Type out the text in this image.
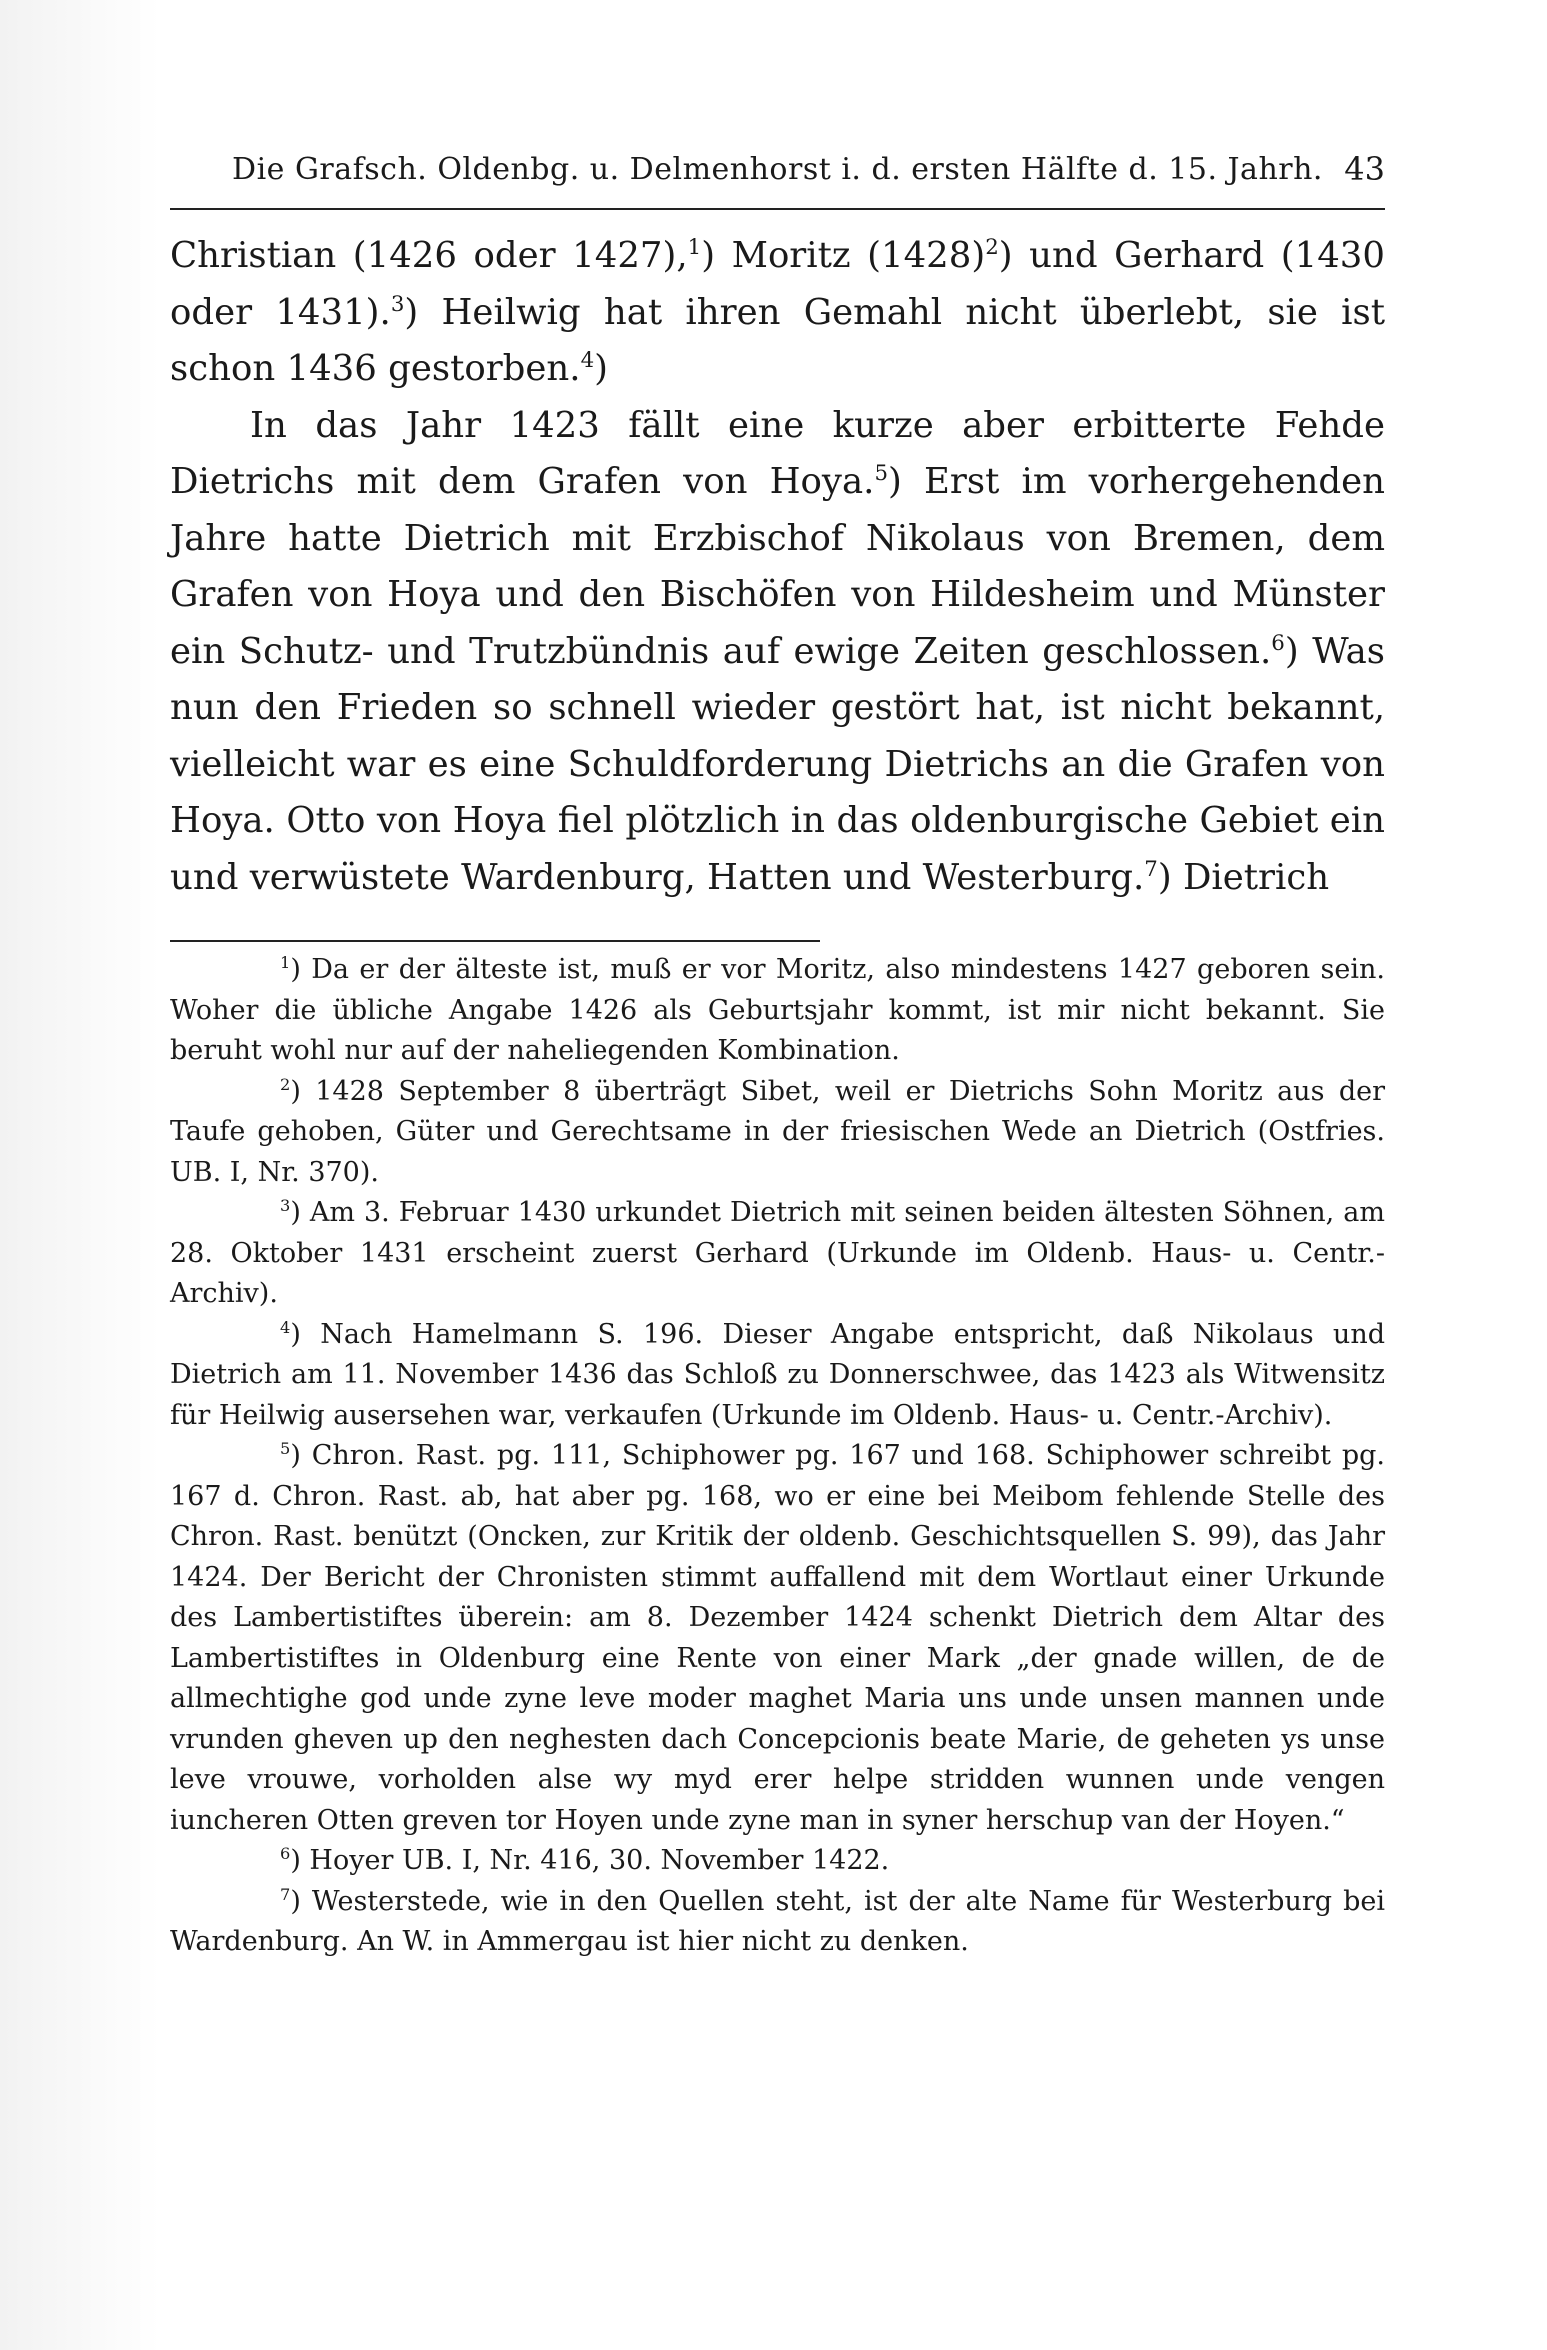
Die Grafsch. Oldenbg. u. Delmenhorst i. d. ersten Hälfte d. 15. Jahrh. 43

Christian (1426 oder 1427),$^1$) Moritz $(1428)^2$) und Gerhard (1430 oder 1431).$^3$) Heilwig hat ihren Gemahl nicht überlebt, sie ist schon 1436 gestorben.$^4$)

In das Jahr 1423 fällt eine kurze aber erbitterte Fehde Dietrichs mit dem Grafen von Hoya.$^5$) Erst im vorhergehenden Jahre hatte Dietrich mit Erzbischof Nikolaus von Bremen, dem Grafen von Hoya und den Bischöfen von Hildesheim und Münster ein Schutz- und Trutzbündnis auf ewige Zeiten geschlossen.$^6$) Was nun den Frieden so schnell wieder gestört hat, ist nicht bekannt, vielleicht war es eine Schuldforderung Dietrichs an die Grafen von Hoya. Otto von Hoya fiel plötzlich in das oldenburgische Gebiet ein und verwüstete Wardenburg, Hatten und Westerburg.$^7$) Dietrich

$^1$) Da er der älteste ist, muß er vor Moritz, also mindestens 1427 geboren sein. Woher die übliche Angabe 1426 als Geburtsjahr kommt, ist mir nicht bekannt. Sie beruht wohl nur auf der naheliegenden Kombination.

$^2$) 1428 September 8 überträgt Sibet, weil er Dietrichs Sohn Moritz aus der Taufe gehoben, Güter und Gerechtsame in der friesischen Wede an Dietrich (Ostfries. UB. I, Nr. 370).

$^3$) Am 3. Februar 1430 urkundet Dietrich mit seinen beiden ältesten Söhnen, am 28. Oktober 1431 erscheint zuerst Gerhard (Urkunde im Oldenb. Haus- u. Centr.-Archiv).

$^4$) Nach Hamelmann S. 196. Dieser Angabe entspricht, daß Nikolaus und Dietrich am 11. November 1436 das Schloß zu Donnerschwee, das 1423 als Witwensitz für Heilwig ausersehen war, verkaufen (Urkunde im Oldenb. Haus- u. Centr.-Archiv).

$^5$) Chron. Rast. pg. 111, Schiphower pg. 167 und 168. Schiphower schreibt pg. 167 d. Chron. Rast. ab, hat aber pg. 168, wo er eine bei Meibom fehlende Stelle des Chron. Rast. benützt (Oncken, zur Kritik der oldenb. Geschichtsquellen S. 99), das Jahr 1424. Der Bericht der Chronisten stimmt auffallend mit dem Wortlaut einer Urkunde des Lambertistiftes überein: am 8. Dezember 1424 schenkt Dietrich dem Altar des Lambertistiftes in Oldenburg eine Rente von einer Mark „der gnade willen, de de allmechtighe god unde zyne leve moder maghet Maria uns unde unsen mannen unde vrunden gheven up den neghesten dach Concepcionis beate Marie, de geheten ys unse leve vrouwe, vorholden alse wy myd erer helpe stridden wunnen unde vengen iuncheren Otten greven tor Hoyen unde zyne man in syner herschup van der Hoyen.“

$^6$) Hoyer UB. I, Nr. 416, 30. November 1422.

$^7$) Westerstede, wie in den Quellen steht, ist der alte Name für Westerburg bei Wardenburg. An W. in Ammergau ist hier nicht zu denken.
